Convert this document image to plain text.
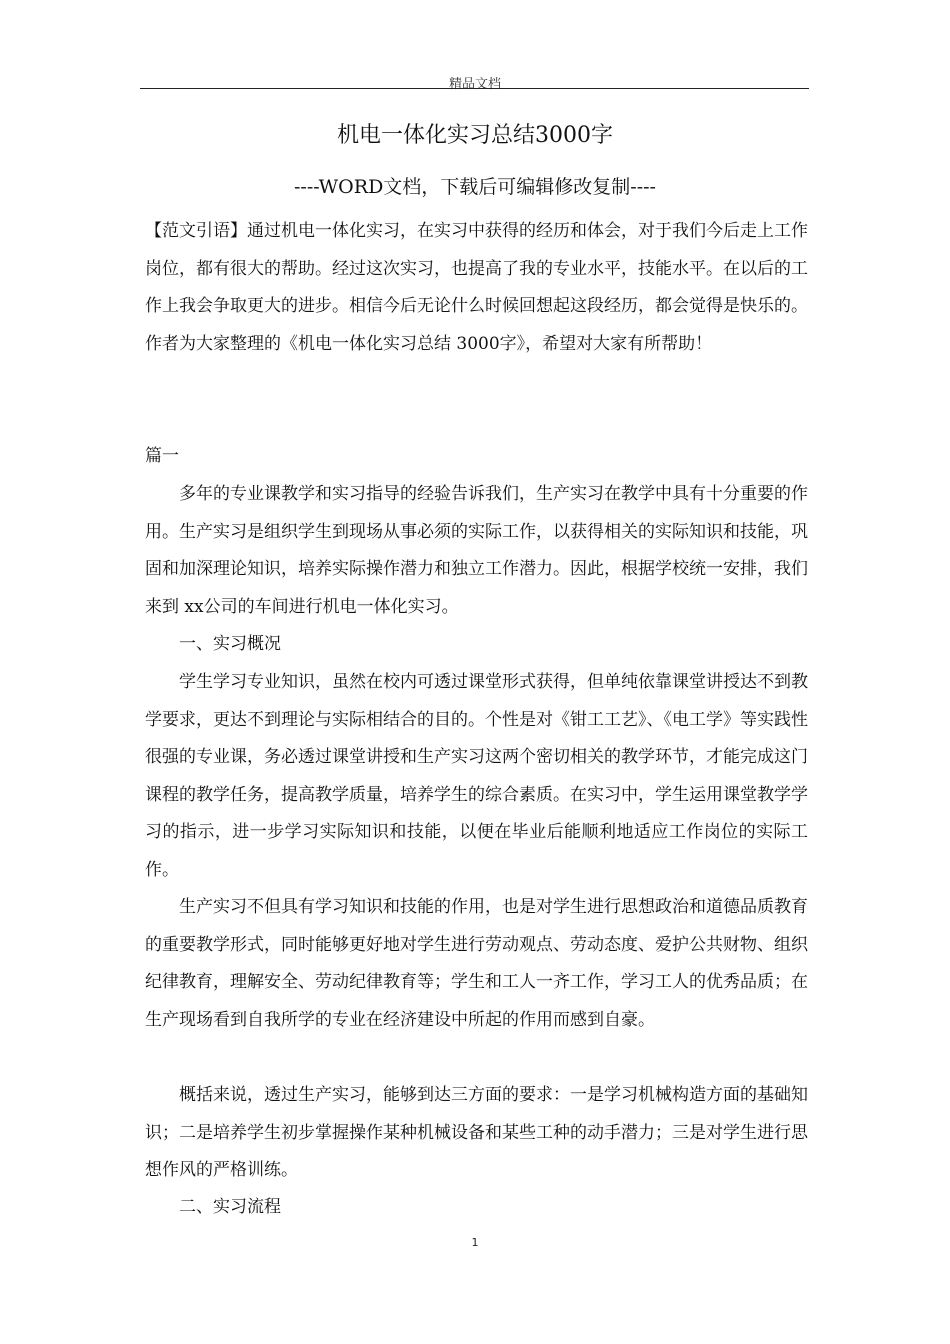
精品文档
机电一体化实习总结3000字
----WORD文档，下载后可编辑修改复制----

【范文引语】通过机电一体化实习，在实习中获得的经历和体会，对于我们今后走上工作岗位，都有很大的帮助。经过这次实习，也提高了我的专业水平，技能水平。在以后的工作上我会争取更大的进步。相信今后无论什么时候回想起这段经历，都会觉得是快乐的。作者为大家整理的《机电一体化实习总结 3000字》，希望对大家有所帮助！

篇一

多年的专业课教学和实习指导的经验告诉我们，生产实习在教学中具有十分重要的作用。生产实习是组织学生到现场从事必须的实际工作，以获得相关的实际知识和技能，巩固和加深理论知识，培养实际操作潜力和独立工作潜力。因此，根据学校统一安排，我们来到 xx公司的车间进行机电一体化实习。

一、实习概况

学生学习专业知识，虽然在校内可透过课堂形式获得，但单纯依靠课堂讲授达不到教学要求，更达不到理论与实际相结合的目的。个性是对《钳工工艺》、《电工学》等实践性很强的专业课，务必透过课堂讲授和生产实习这两个密切相关的教学环节，才能完成这门课程的教学任务，提高教学质量，培养学生的综合素质。在实习中，学生运用课堂教学学习的指示，进一步学习实际知识和技能，以便在毕业后能顺利地适应工作岗位的实际工作。

生产实习不但具有学习知识和技能的作用，也是对学生进行思想政治和道德品质教育的重要教学形式，同时能够更好地对学生进行劳动观点、劳动态度、爱护公共财物、组织纪律教育，理解安全、劳动纪律教育等；学生和工人一齐工作，学习工人的优秀品质；在生产现场看到自我所学的专业在经济建设中所起的作用而感到自豪。

概括来说，透过生产实习，能够到达三方面的要求：一是学习机械构造方面的基础知识；二是培养学生初步掌握操作某种机械设备和某些工种的动手潜力；三是对学生进行思想作风的严格训练。

二、实习流程

1
